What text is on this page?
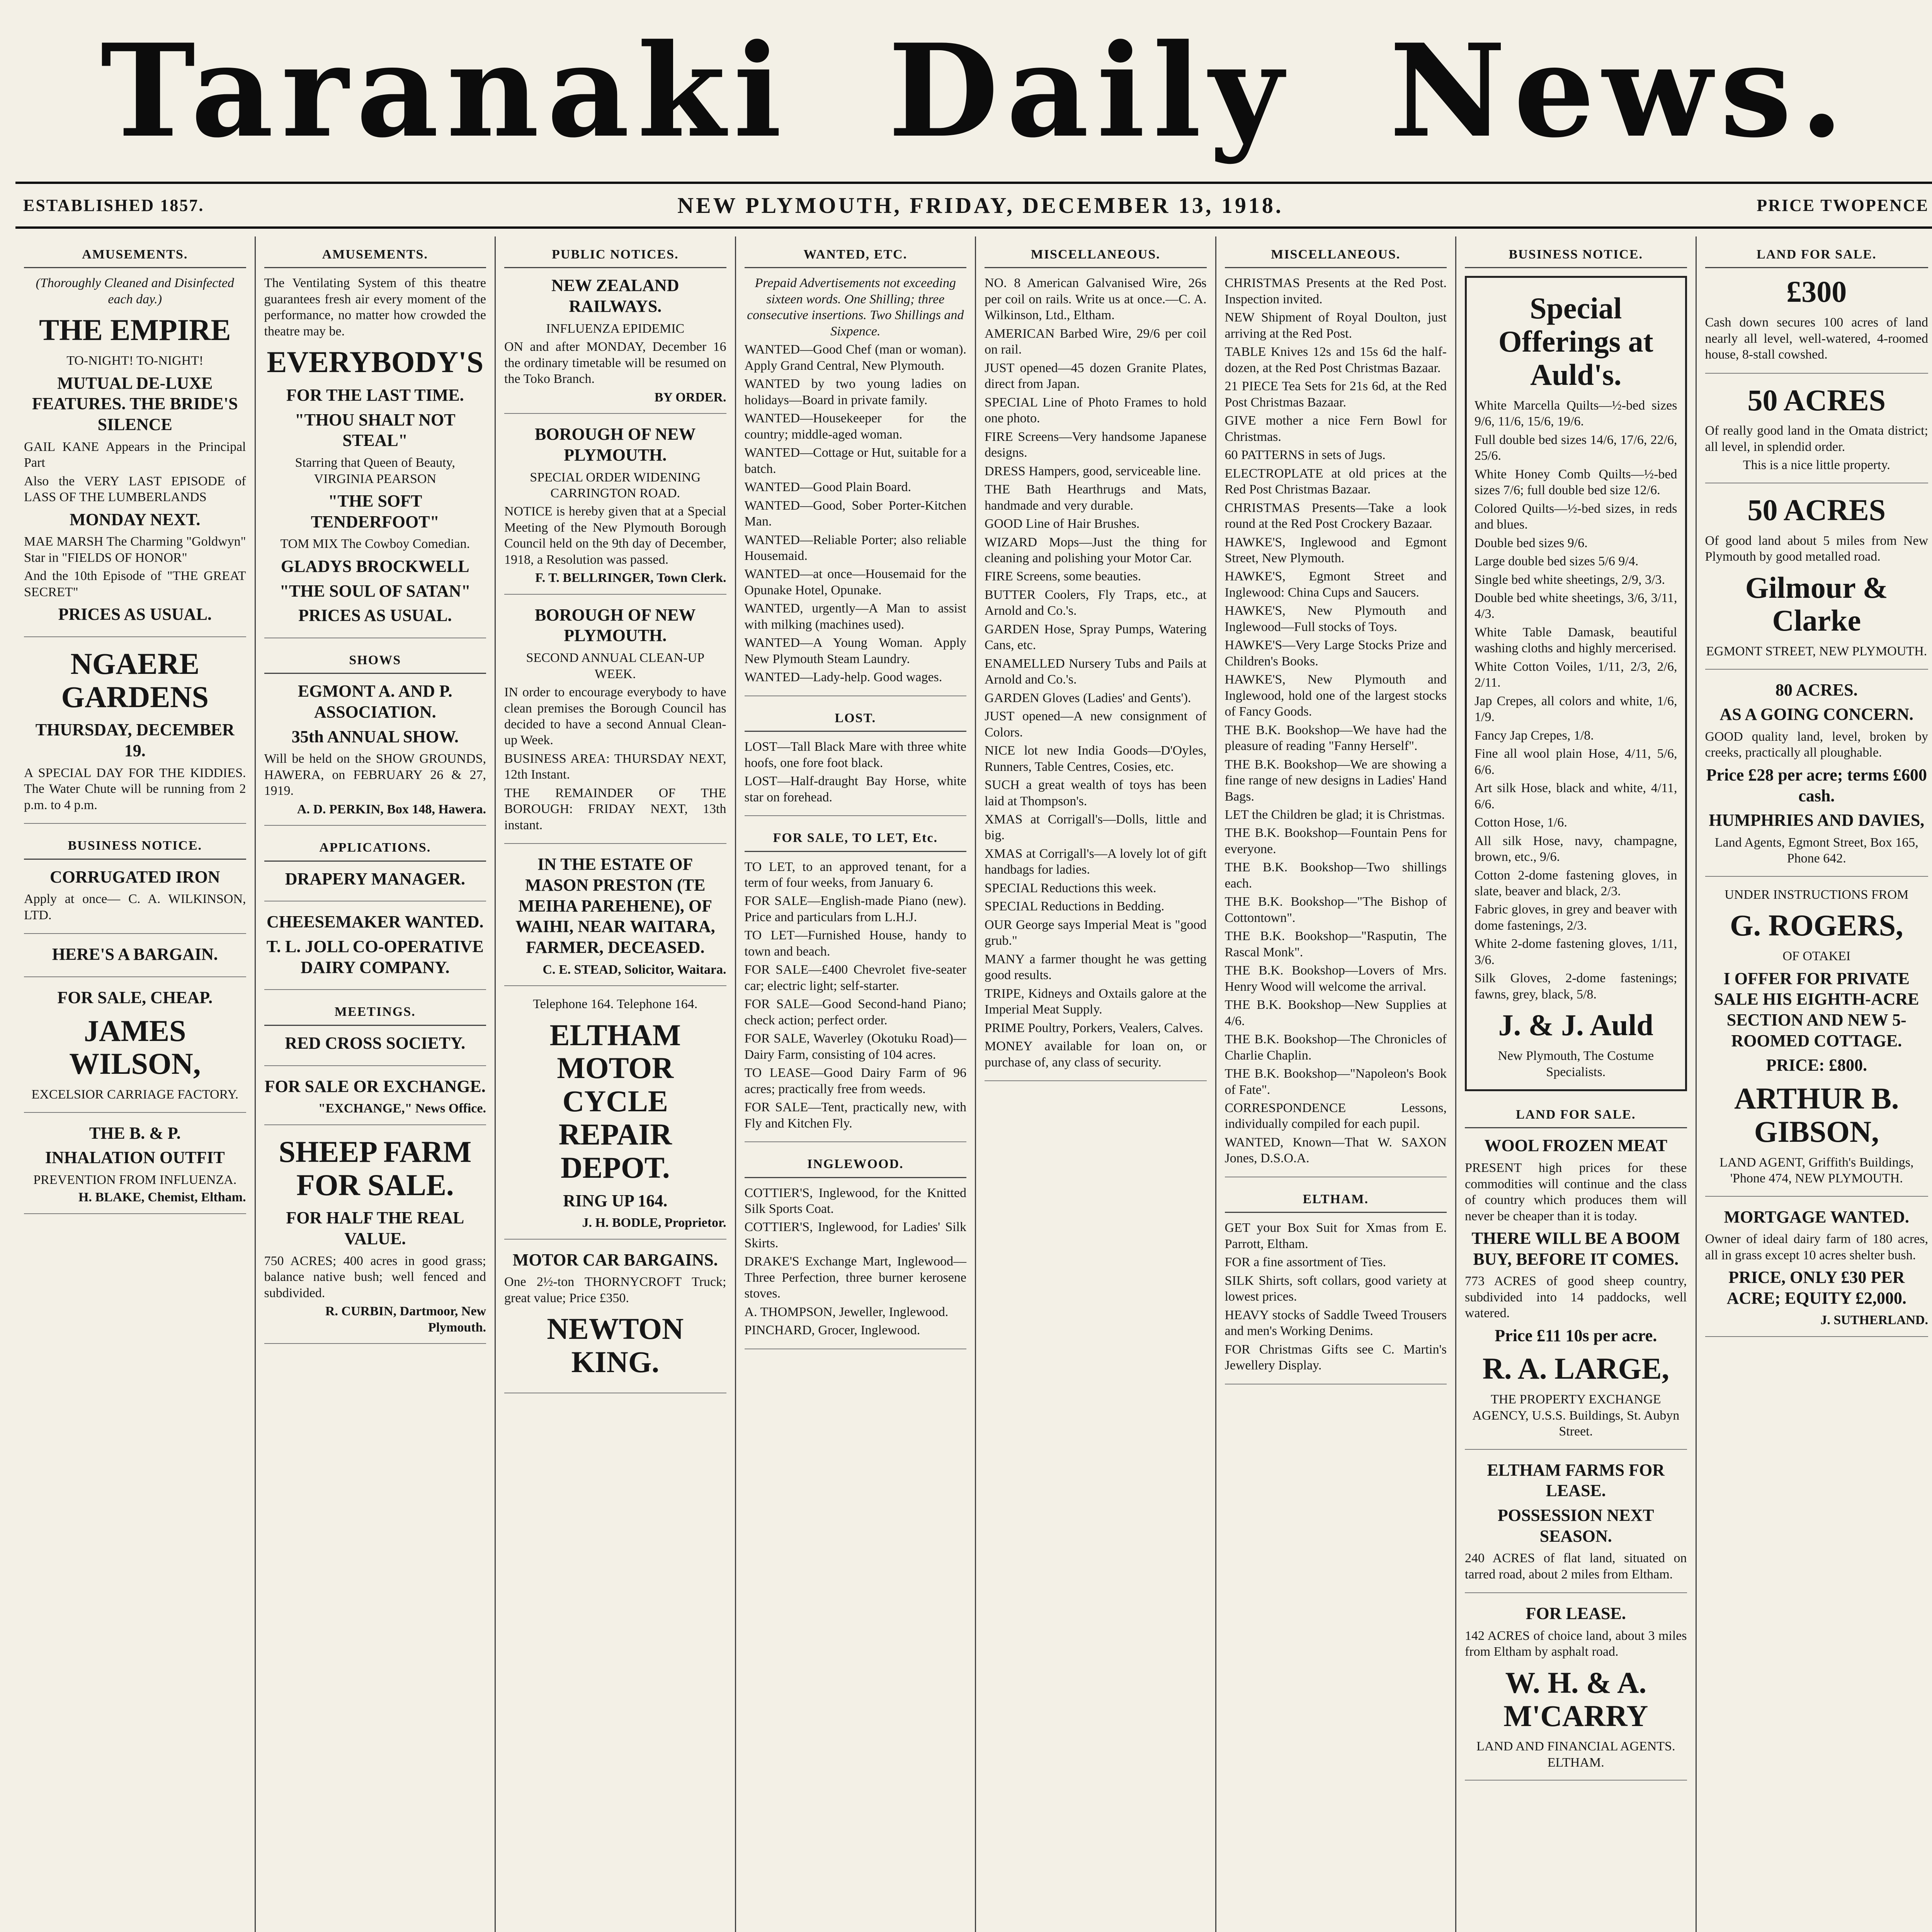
Taranaki Daily News.
ESTABLISHED 1857.	NEW PLYMOUTH, FRIDAY, DECEMBER 13, 1918.	PRICE TWOPENCE
AMUSEMENTS.
(Thoroughly Cleaned and Disinfected each day.)
THE EMPIRE
TO-NIGHT! TO-NIGHT!
MUTUAL DE-LUXE FEATURES. THE BRIDE'S SILENCE
GAIL KANE Appears in the Principal Part
Also the VERY LAST EPISODE of LASS OF THE LUMBERLANDS
MONDAY NEXT.
MAE MARSH The Charming "Goldwyn" Star in "FIELDS OF HONOR"
And the 10th Episode of "THE GREAT SECRET"
PRICES AS USUAL.
NGAERE GARDENS
THURSDAY, DECEMBER 19.
A SPECIAL DAY FOR THE KIDDIES. The Water Chute will be running from 2 p.m. to 4 p.m.
BUSINESS NOTICE.
CORRUGATED IRON
Apply at once— C. A. WILKINSON, LTD.
HERE'S A BARGAIN.
FOR SALE, CHEAP.
JAMES WILSON,
EXCELSIOR CARRIAGE FACTORY.
THE B. & P.
INHALATION OUTFIT
PREVENTION FROM INFLUENZA.
H. BLAKE, Chemist, Eltham.
AMUSEMENTS.
The Ventilating System of this theatre guarantees fresh air every moment of the performance, no matter how crowded the theatre may be.
EVERYBODY'S
FOR THE LAST TIME.
"THOU SHALT NOT STEAL"
Starring that Queen of Beauty, VIRGINIA PEARSON
"THE SOFT TENDERFOOT"
TOM MIX The Cowboy Comedian.
GLADYS BROCKWELL
"THE SOUL OF SATAN"
PRICES AS USUAL.
SHOWS
EGMONT A. AND P. ASSOCIATION.
35th ANNUAL SHOW.
Will be held on the SHOW GROUNDS, HAWERA, on FEBRUARY 26 & 27, 1919.
A. D. PERKIN, Box 148, Hawera.
APPLICATIONS.
DRAPERY MANAGER.
CHEESEMAKER WANTED.
T. L. JOLL CO-OPERATIVE DAIRY COMPANY.
MEETINGS.
RED CROSS SOCIETY.
FOR SALE OR EXCHANGE.
"EXCHANGE," News Office.
SHEEP FARM FOR SALE.
FOR HALF THE REAL VALUE.
750 ACRES; 400 acres in good grass; balance native bush; well fenced and subdivided.
R. CURBIN, Dartmoor, New Plymouth.
PUBLIC NOTICES.
NEW ZEALAND RAILWAYS.
INFLUENZA EPIDEMIC
ON and after MONDAY, December 16 the ordinary timetable will be resumed on the Toko Branch.
BY ORDER.
BOROUGH OF NEW PLYMOUTH.
SPECIAL ORDER WIDENING CARRINGTON ROAD.
NOTICE is hereby given that at a Special Meeting of the New Plymouth Borough Council held on the 9th day of December, 1918, a Resolution was passed.
F. T. BELLRINGER, Town Clerk.
BOROUGH OF NEW PLYMOUTH.
SECOND ANNUAL CLEAN-UP WEEK.
IN order to encourage everybody to have clean premises the Borough Council has decided to have a second Annual Clean-up Week.
BUSINESS AREA: THURSDAY NEXT, 12th Instant.
THE REMAINDER OF THE BOROUGH: FRIDAY NEXT, 13th instant.
IN THE ESTATE OF MASON PRESTON (TE MEIHA PAREHENE), OF WAIHI, NEAR WAITARA, FARMER, DECEASED.
C. E. STEAD, Solicitor, Waitara.
Telephone 164. Telephone 164.
ELTHAM MOTOR CYCLE REPAIR DEPOT.
RING UP 164.
J. H. BODLE, Proprietor.
MOTOR CAR BARGAINS.
One 2½-ton THORNYCROFT Truck; great value; Price £350.
NEWTON KING.
WANTED, ETC.
Prepaid Advertisements not exceeding sixteen words. One Shilling; three consecutive insertions. Two Shillings and Sixpence.
WANTED—Good Chef (man or woman). Apply Grand Central, New Plymouth.
WANTED by two young ladies on holidays—Board in private family.
WANTED—Housekeeper for the country; middle-aged woman.
WANTED—Cottage or Hut, suitable for a batch.
WANTED—Good Plain Board.
WANTED—Good, Sober Porter-Kitchen Man.
WANTED—Reliable Porter; also reliable Housemaid.
WANTED—at once—Housemaid for the Opunake Hotel, Opunake.
WANTED, urgently—A Man to assist with milking (machines used).
WANTED—A Young Woman. Apply New Plymouth Steam Laundry.
WANTED—Lady-help. Good wages.
LOST.
LOST—Tall Black Mare with three white hoofs, one fore foot black.
LOST—Half-draught Bay Horse, white star on forehead.
FOR SALE, TO LET, Etc.
TO LET, to an approved tenant, for a term of four weeks, from January 6.
FOR SALE—English-made Piano (new). Price and particulars from L.H.J.
TO LET—Furnished House, handy to town and beach.
FOR SALE—£400 Chevrolet five-seater car; electric light; self-starter.
FOR SALE—Good Second-hand Piano; check action; perfect order.
FOR SALE, Waverley (Okotuku Road)—Dairy Farm, consisting of 104 acres.
TO LEASE—Good Dairy Farm of 96 acres; practically free from weeds.
FOR SALE—Tent, practically new, with Fly and Kitchen Fly.
INGLEWOOD.
COTTIER'S, Inglewood, for the Knitted Silk Sports Coat.
COTTIER'S, Inglewood, for Ladies' Silk Skirts.
DRAKE'S Exchange Mart, Inglewood—Three Perfection, three burner kerosene stoves.
A. THOMPSON, Jeweller, Inglewood.
PINCHARD, Grocer, Inglewood.
MISCELLANEOUS.
NO. 8 American Galvanised Wire, 26s per coil on rails. Write us at once.—C. A. Wilkinson, Ltd., Eltham.
AMERICAN Barbed Wire, 29/6 per coil on rail.
JUST opened—45 dozen Granite Plates, direct from Japan.
SPECIAL Line of Photo Frames to hold one photo.
FIRE Screens—Very handsome Japanese designs.
DRESS Hampers, good, serviceable line.
THE Bath Hearthrugs and Mats, handmade and very durable.
GOOD Line of Hair Brushes.
WIZARD Mops—Just the thing for cleaning and polishing your Motor Car.
FIRE Screens, some beauties.
BUTTER Coolers, Fly Traps, etc., at Arnold and Co.'s.
GARDEN Hose, Spray Pumps, Watering Cans, etc.
ENAMELLED Nursery Tubs and Pails at Arnold and Co.'s.
GARDEN Gloves (Ladies' and Gents').
JUST opened—A new consignment of Colors.
NICE lot new India Goods—D'Oyles, Runners, Table Centres, Cosies, etc.
SUCH a great wealth of toys has been laid at Thompson's.
XMAS at Corrigall's—Dolls, little and big.
XMAS at Corrigall's—A lovely lot of gift handbags for ladies.
SPECIAL Reductions this week.
SPECIAL Reductions in Bedding.
OUR George says Imperial Meat is "good grub."
MANY a farmer thought he was getting good results.
TRIPE, Kidneys and Oxtails galore at the Imperial Meat Supply.
PRIME Poultry, Porkers, Vealers, Calves.
MONEY available for loan on, or purchase of, any class of security.
MISCELLANEOUS.
CHRISTMAS Presents at the Red Post. Inspection invited.
NEW Shipment of Royal Doulton, just arriving at the Red Post.
TABLE Knives 12s and 15s 6d the half-dozen, at the Red Post Christmas Bazaar.
21 PIECE Tea Sets for 21s 6d, at the Red Post Christmas Bazaar.
GIVE mother a nice Fern Bowl for Christmas.
60 PATTERNS in sets of Jugs.
ELECTROPLATE at old prices at the Red Post Christmas Bazaar.
CHRISTMAS Presents—Take a look round at the Red Post Crockery Bazaar.
HAWKE'S, Inglewood and Egmont Street, New Plymouth.
HAWKE'S, Egmont Street and Inglewood: China Cups and Saucers.
HAWKE'S, New Plymouth and Inglewood—Full stocks of Toys.
HAWKE'S—Very Large Stocks Prize and Children's Books.
HAWKE'S, New Plymouth and Inglewood, hold one of the largest stocks of Fancy Goods.
THE B.K. Bookshop—We have had the pleasure of reading "Fanny Herself".
THE B.K. Bookshop—We are showing a fine range of new designs in Ladies' Hand Bags.
LET the Children be glad; it is Christmas.
THE B.K. Bookshop—Fountain Pens for everyone.
THE B.K. Bookshop—Two shillings each.
THE B.K. Bookshop—"The Bishop of Cottontown".
THE B.K. Bookshop—"Rasputin, The Rascal Monk".
THE B.K. Bookshop—Lovers of Mrs. Henry Wood will welcome the arrival.
THE B.K. Bookshop—New Supplies at 4/6.
THE B.K. Bookshop—The Chronicles of Charlie Chaplin.
THE B.K. Bookshop—"Napoleon's Book of Fate".
CORRESPONDENCE Lessons, individually compiled for each pupil.
WANTED, Known—That W. SAXON Jones, D.S.O.A.
ELTHAM.
GET your Box Suit for Xmas from E. Parrott, Eltham.
FOR a fine assortment of Ties.
SILK Shirts, soft collars, good variety at lowest prices.
HEAVY stocks of Saddle Tweed Trousers and men's Working Denims.
FOR Christmas Gifts see C. Martin's Jewellery Display.
BUSINESS NOTICE.
Special Offerings at Auld's.
White Marcella Quilts—½-bed sizes 9/6, 11/6, 15/6, 19/6.
Full double bed sizes 14/6, 17/6, 22/6, 25/6.
White Honey Comb Quilts—½-bed sizes 7/6; full double bed size 12/6.
Colored Quilts—½-bed sizes, in reds and blues.
Double bed sizes 9/6.
Large double bed sizes 5/6 9/4.
Single bed white sheetings, 2/9, 3/3.
Double bed white sheetings, 3/6, 3/11, 4/3.
White Table Damask, beautiful washing cloths and highly mercerised.
White Cotton Voiles, 1/11, 2/3, 2/6, 2/11.
Jap Crepes, all colors and white, 1/6, 1/9.
Fancy Jap Crepes, 1/8.
Fine all wool plain Hose, 4/11, 5/6, 6/6.
Art silk Hose, black and white, 4/11, 6/6.
Cotton Hose, 1/6.
All silk Hose, navy, champagne, brown, etc., 9/6.
Cotton 2-dome fastening gloves, in slate, beaver and black, 2/3.
Fabric gloves, in grey and beaver with dome fastenings, 2/3.
White 2-dome fastening gloves, 1/11, 3/6.
Silk Gloves, 2-dome fastenings; fawns, grey, black, 5/8.
J. & J. Auld
New Plymouth, The Costume Specialists.
LAND FOR SALE.
WOOL FROZEN MEAT
PRESENT high prices for these commodities will continue and the class of country which produces them will never be cheaper than it is today.
THERE WILL BE A BOOM BUY, BEFORE IT COMES.
773 ACRES of good sheep country, subdivided into 14 paddocks, well watered.
Price £11 10s per acre.
R. A. LARGE,
THE PROPERTY EXCHANGE AGENCY, U.S.S. Buildings, St. Aubyn Street.
ELTHAM FARMS FOR LEASE.
POSSESSION NEXT SEASON.
240 ACRES of flat land, situated on tarred road, about 2 miles from Eltham.
FOR LEASE.
142 ACRES of choice land, about 3 miles from Eltham by asphalt road.
W. H. & A. M'CARRY
LAND AND FINANCIAL AGENTS. ELTHAM.
LAND FOR SALE.
£300
Cash down secures 100 acres of land nearly all level, well-watered, 4-roomed house, 8-stall cowshed.
50 ACRES
Of really good land in the Omata district; all level, in splendid order.
This is a nice little property.
50 ACRES
Of good land about 5 miles from New Plymouth by good metalled road.
Gilmour & Clarke
EGMONT STREET, NEW PLYMOUTH.
80 ACRES.
AS A GOING CONCERN.
GOOD quality land, level, broken by creeks, practically all ploughable.
Price £28 per acre; terms £600 cash.
HUMPHRIES AND DAVIES,
Land Agents, Egmont Street, Box 165, Phone 642.
UNDER INSTRUCTIONS FROM
G. ROGERS,
OF OTAKEI
I OFFER FOR PRIVATE SALE HIS EIGHTH-ACRE SECTION AND NEW 5-ROOMED COTTAGE.
PRICE: £800.
ARTHUR B. GIBSON,
LAND AGENT, Griffith's Buildings, 'Phone 474, NEW PLYMOUTH.
MORTGAGE WANTED.
Owner of ideal dairy farm of 180 acres, all in grass except 10 acres shelter bush.
PRICE, ONLY £30 PER ACRE; EQUITY £2,000.
J. SUTHERLAND.
